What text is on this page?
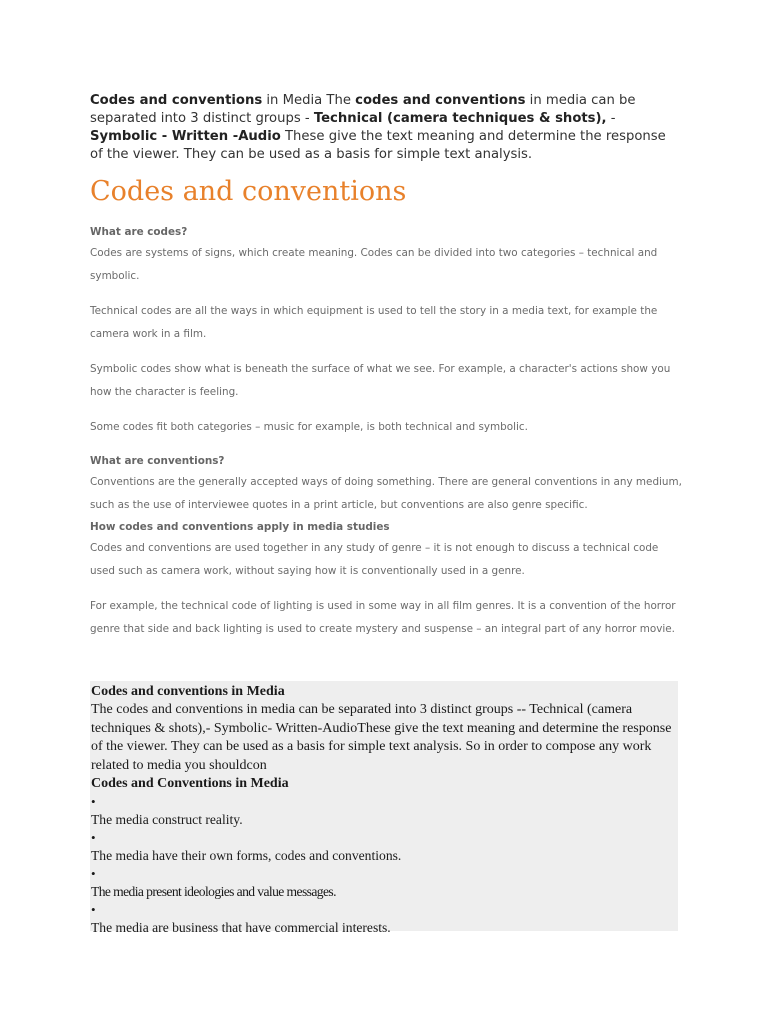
Codes and conventions in Media The codes and conventions in media can be separated into 3 distinct groups - Technical (camera techniques & shots), - Symbolic - Written -Audio These give the text meaning and determine the response of the viewer. They can be used as a basis for simple text analysis.

Codes and conventions

What are codes?

Codes are systems of signs, which create meaning. Codes can be divided into two categories – technical and symbolic.

Technical codes are all the ways in which equipment is used to tell the story in a media text, for example the camera work in a film.

Symbolic codes show what is beneath the surface of what we see. For example, a character's actions show you how the character is feeling.

Some codes fit both categories – music for example, is both technical and symbolic.

What are conventions?

Conventions are the generally accepted ways of doing something. There are general conventions in any medium, such as the use of interviewee quotes in a print article, but conventions are also genre specific.

How codes and conventions apply in media studies

Codes and conventions are used together in any study of genre – it is not enough to discuss a technical code used such as camera work, without saying how it is conventionally used in a genre.

For example, the technical code of lighting is used in some way in all film genres. It is a convention of the horror genre that side and back lighting is used to create mystery and suspense – an integral part of any horror movie.

Codes and conventions in Media

The codes and conventions in media can be separated into 3 distinct groups -- Technical (camera techniques & shots),- Symbolic- Written-AudioThese give the text meaning and determine the response of the viewer. They can be used as a basis for simple text analysis. So in order to compose any work related to media you shouldcon

Codes and Conventions in Media

•

The media construct reality.

•

The media have their own forms, codes and conventions.

•

The media present ideologies and value messages.

•

The media are business that have commercial interests.
